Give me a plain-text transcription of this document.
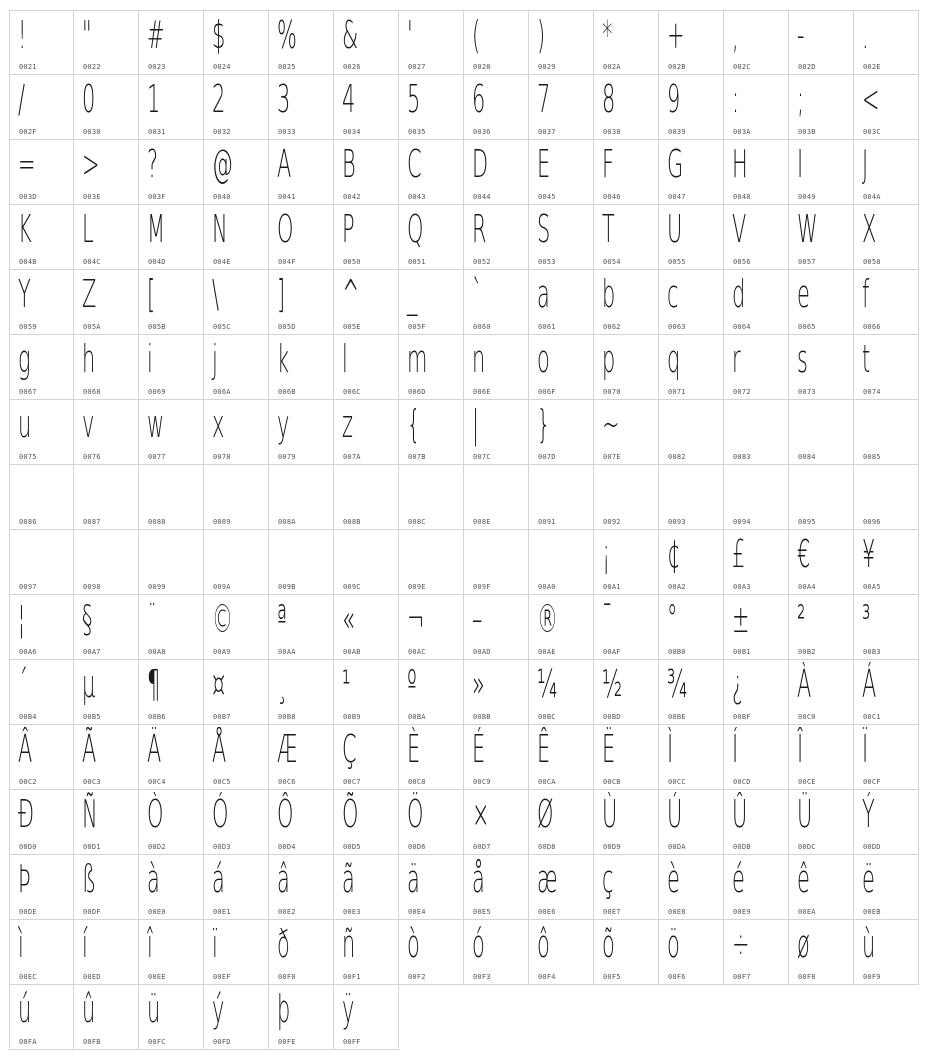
!
0021
"
0022
#
0023
$
0024
%
0025
&
0026
'
0027
(
0028
)
0029
*
002A
+
002B
,
002C
-
002D
.
002E
/
002F
0
0030
1
0031
2
0032
3
0033
4
0034
5
0035
6
0036
7
0037
8
0038
9
0039
:
003A
;
003B
<
003C
=
003D
>
003E
?
003F
@
0040
A
0041
B
0042
C
0043
D
0044
E
0045
F
0046
G
0047
H
0048
I
0049
J
004A
K
004B
L
004C
M
004D
N
004E
O
004F
P
0050
Q
0051
R
0052
S
0053
T
0054
U
0055
V
0056
W
0057
X
0058
Y
0059
Z
005A
[
005B
\
005C
]
005D
^
005E
_
005F
`
0060
a
0061
b
0062
c
0063
d
0064
e
0065
f
0066
g
0067
h
0068
i
0069
j
006A
k
006B
l
006C
m
006D
n
006E
o
006F
p
0070
q
0071
r
0072
s
0073
t
0074
u
0075
v
0076
w
0077
x
0078
y
0079
z
007A
{
007B
|
007C
}
007D
~
007E	0082	0083	0084	0085
0086	0087	0088	0089	008A	008B	008C	008E	0091	0092	0093	0094	0095	0096
0097	0098	0099	009A	009B	009C	009E	009F	00A0
¡
00A1
¢
00A2
£
00A3
€
00A4
¥
00A5
¦
00A6
§
00A7
¨
00A8
©
00A9
ª
00AA
«
00AB
¬
00AC
–
00AD
®
00AE
¯
00AF
°
00B0
±
00B1
²
00B2
³
00B3
´
00B4
µ
00B5
¶
00B6
¤
00B7
¸
00B8
¹
00B9
º
00BA
»
00BB
¼
00BC
½
00BD
¾
00BE
¿
00BF
À
00C0
Á
00C1
Â
00C2
Ã
00C3
Ä
00C4
Å
00C5
Æ
00C6
Ç
00C7
È
00C8
É
00C9
Ê
00CA
Ë
00CB
Ì
00CC
Í
00CD
Î
00CE
Ï
00CF
Ð
00D0
Ñ
00D1
Ò
00D2
Ó
00D3
Ô
00D4
Õ
00D5
Ö
00D6
×
00D7
Ø
00D8
Ù
00D9
Ú
00DA
Û
00DB
Ü
00DC
Ý
00DD
Þ
00DE
ß
00DF
à
00E0
á
00E1
â
00E2
ã
00E3
ä
00E4
å
00E5
æ
00E6
ç
00E7
è
00E8
é
00E9
ê
00EA
ë
00EB
ì
00EC
í
00ED
î
00EE
ï
00EF
ð
00F0
ñ
00F1
ò
00F2
ó
00F3
ô
00F4
õ
00F5
ö
00F6
÷
00F7
ø
00F8
ù
00F9
ú
00FA
û
00FB
ü
00FC
ý
00FD
þ
00FE
ÿ
00FF
